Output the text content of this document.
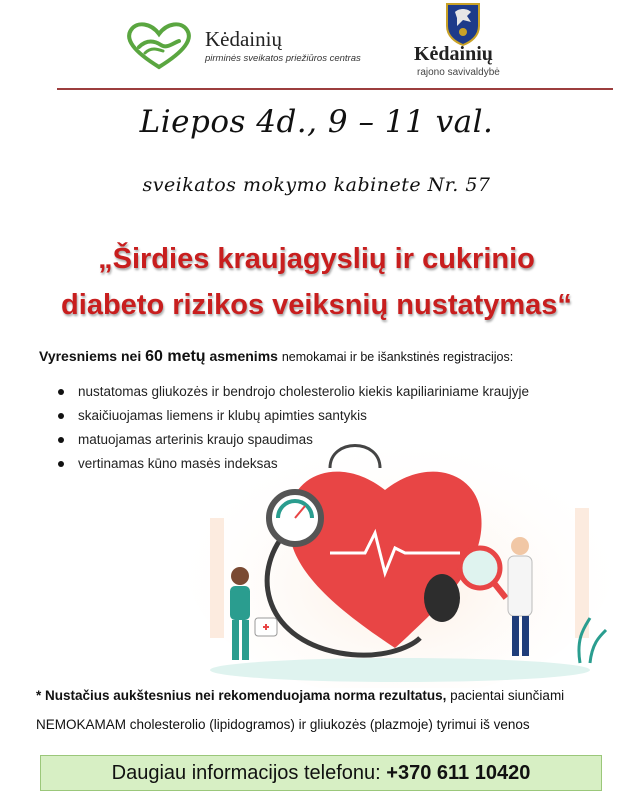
Kėdainių
pirminės sveikatos priežiūros centras	Kėdainių
rajono savivaldybė
Liepos 4d., 9 – 11 val.
sveikatos mokymo kabinete Nr. 57
„Širdies kraujagyslių ir cukrinio
diabeto rizikos veiksnių nustatymas“
Vyresniems nei 60 metų asmenims nemokamai ir be išankstinės registracijos:
nustatomas gliukozės ir bendrojo cholesterolio kiekis kapiliariniame kraujyje
skaičiuojamas liemens ir klubų apimties santykis
matuojamas arterinis kraujo spaudimas
vertinamas kūno masės indeksas
* Nustačius aukštesnius nei rekomenduojama norma rezultatus, pacientai siunčiami
NEMOKAMAM cholesterolio (lipidogramos) ir gliukozės (plazmoje) tyrimui iš venos
Daugiau informacijos telefonu: +370 611 10420
